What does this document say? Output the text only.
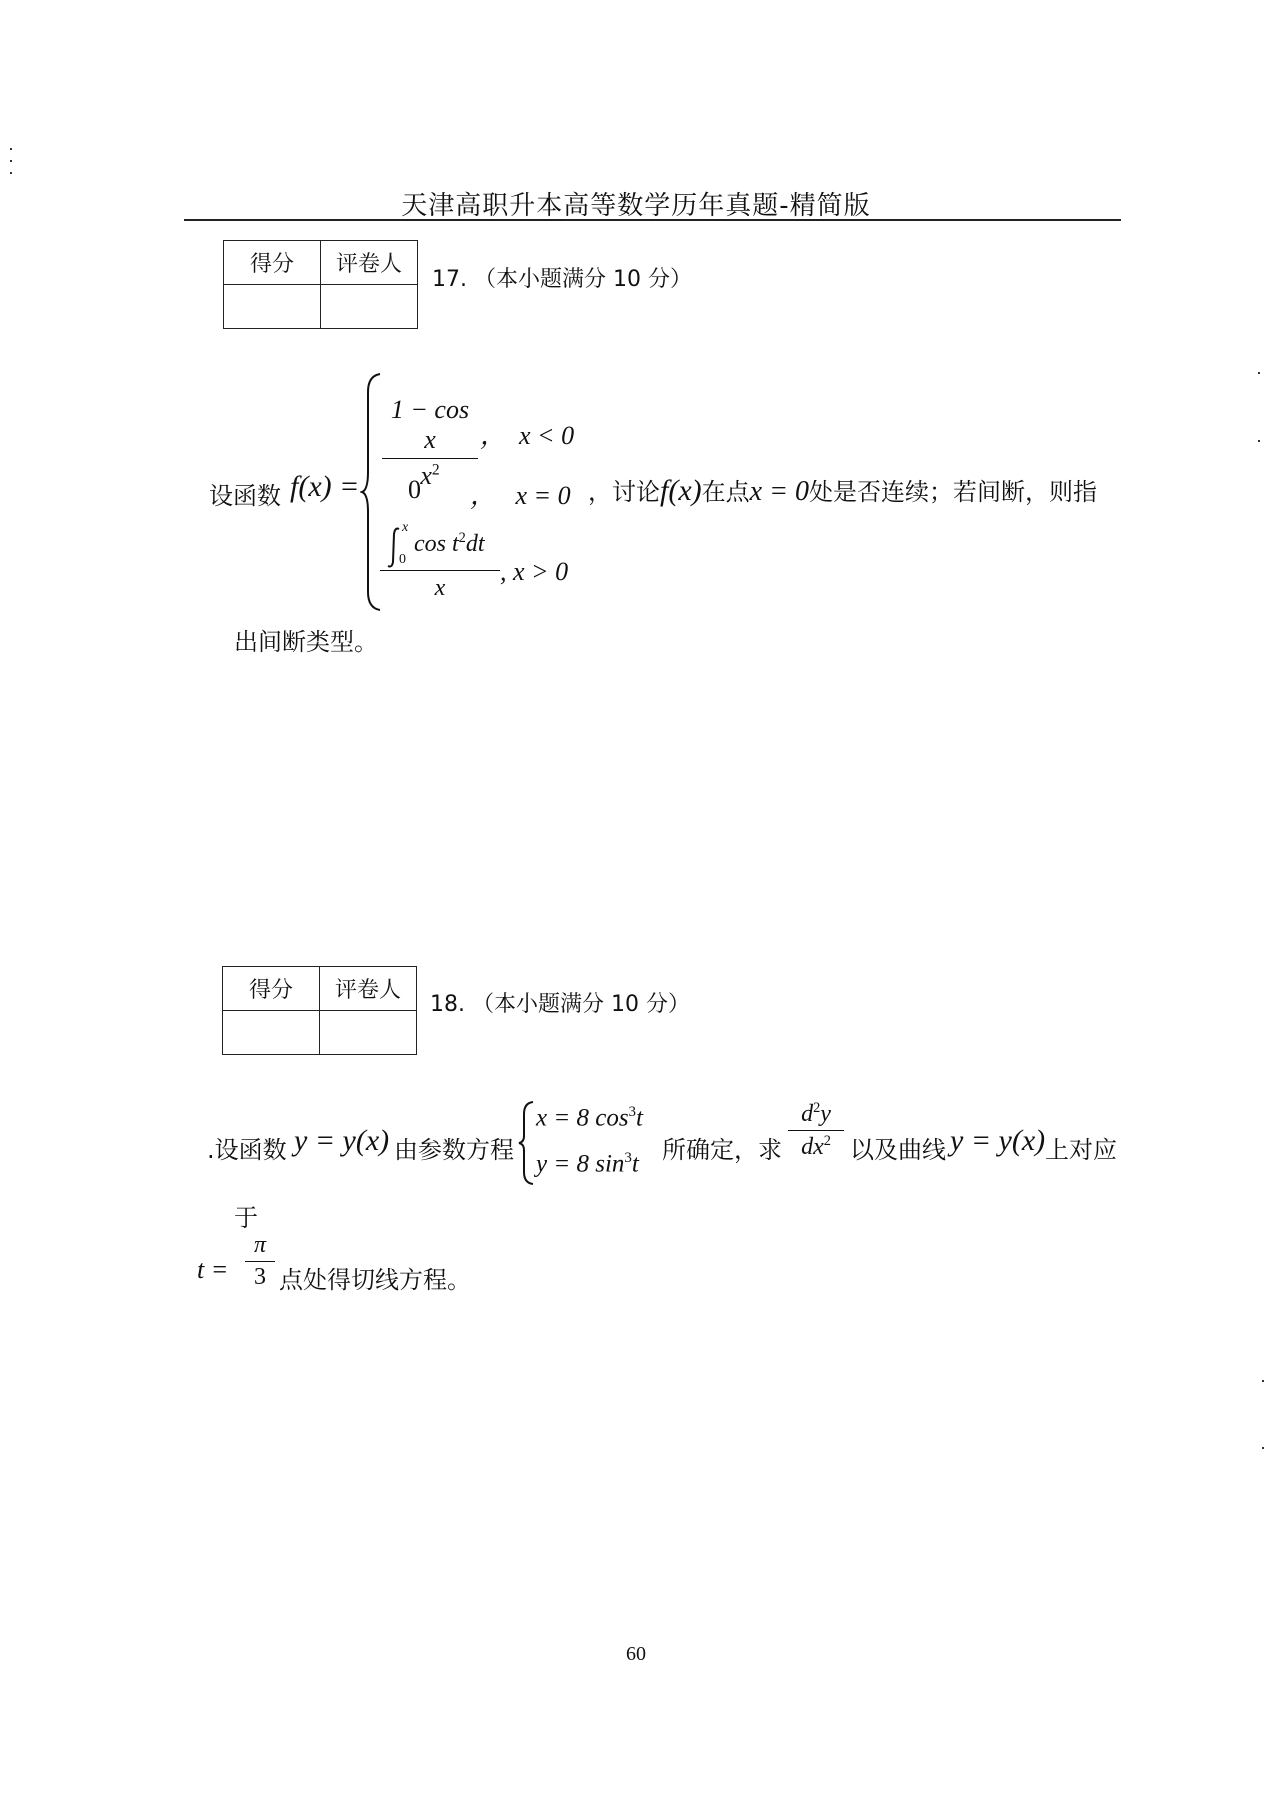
天津高职升本高等数学历年真题-精简版
得分	评卷人

17. （本小题满分 10 分）
设函数 f(x) =
1 − cos x
$x^2$
，  x < 0
0 ，   x = 0
x
0
$\cos t^2dt$
x
, x > 0
，讨论f(x)在点x = 0处是否连续；若间断，则指
出间断类型。
得分	评卷人

18. （本小题满分 10 分）
.设函数 y = y(x) 由参数方程
x = 8 $\cos^3t$
y = 8 $\sin^3t$ 所确定，求
$d^2y$
$dx^2$ 以及曲线 y = y(x) 上对应
于
$t = \frac{\pi}{3}$ 点处得切线方程。
60
